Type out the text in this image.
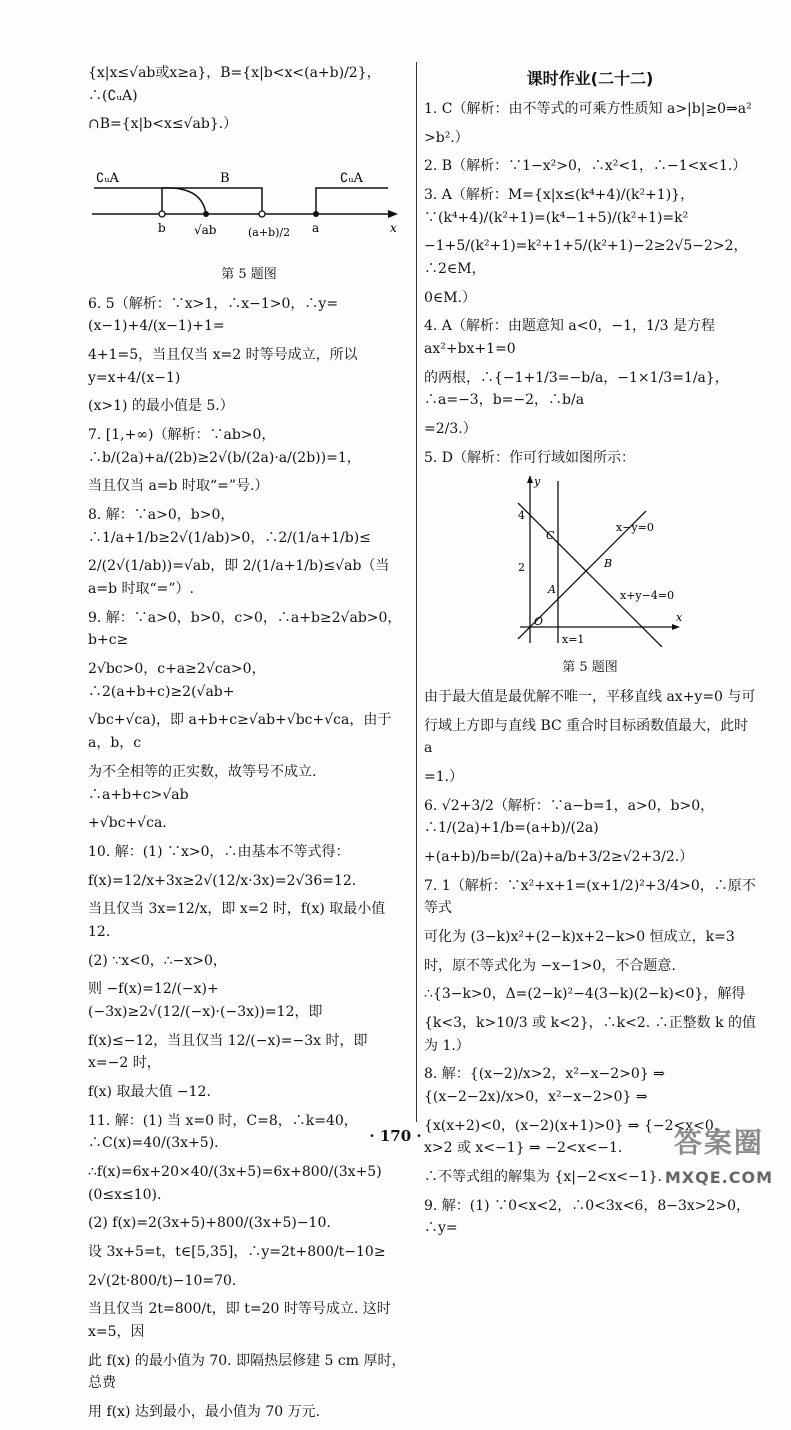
{x|x≤√ab或x≥a}，B={x|b<x<(a+b)/2}，∴(∁ᵤA)
∩B={x|b<x≤√ab}.）
∁ᵤA	B	∁ᵤA
b √ab	(a+b)/2 a	x
第 5 题图
6. 5（解析：∵x>1，∴x−1>0，∴y=(x−1)+4/(x−1)+1=
4+1=5，当且仅当 x=2 时等号成立，所以 y=x+4/(x−1)
(x>1) 的最小值是 5.）
7. [1,+∞)（解析：∵ab>0，∴b/(2a)+a/(2b)≥2√(b/(2a)·a/(2b))=1，
当且仅当 a=b 时取“=”号.）
8. 解：∵a>0，b>0，∴1/a+1/b≥2√(1/ab)>0，∴2/(1/a+1/b)≤
2/(2√(1/ab))=√ab，即 2/(1/a+1/b)≤√ab（当 a=b 时取“=”）.
9. 解：∵a>0，b>0，c>0，∴a+b≥2√ab>0，b+c≥
2√bc>0，c+a≥2√ca>0，∴2(a+b+c)≥2(√ab+
√bc+√ca)，即 a+b+c≥√ab+√bc+√ca，由于 a，b，c
为不全相等的正实数，故等号不成立. ∴a+b+c>√ab
+√bc+√ca.
10. 解：(1) ∵x>0，∴由基本不等式得：
f(x)=12/x+3x≥2√(12/x·3x)=2√36=12.
当且仅当 3x=12/x，即 x=2 时，f(x) 取最小值 12.
(2) ∵x<0，∴−x>0，
则 −f(x)=12/(−x)+(−3x)≥2√(12/(−x)·(−3x))=12，即
f(x)≤−12，当且仅当 12/(−x)=−3x 时，即 x=−2 时，
f(x) 取最大值 −12.
11. 解：(1) 当 x=0 时，C=8，∴k=40，∴C(x)=40/(3x+5).
∴f(x)=6x+20×40/(3x+5)=6x+800/(3x+5) (0≤x≤10).
(2) f(x)=2(3x+5)+800/(3x+5)−10.
设 3x+5=t，t∈[5,35]，∴y=2t+800/t−10≥
2√(2t·800/t)−10=70.
当且仅当 2t=800/t，即 t=20 时等号成立. 这时 x=5，因
此 f(x) 的最小值为 70. 即隔热层修建 5 cm 厚时，总费
用 f(x) 达到最小，最小值为 70 万元.
课时作业(二十二)
1. C（解析：由不等式的可乘方性质知 a>|b|≥0⇒a²
>b².）
2. B（解析：∵1−x²>0，∴x²<1，∴−1<x<1.）
3. A（解析：M={x|x≤(k⁴+4)/(k²+1)}，∵(k⁴+4)/(k²+1)=(k⁴−1+5)/(k²+1)=k²
−1+5/(k²+1)=k²+1+5/(k²+1)−2≥2√5−2>2，∴2∈M，
0∈M.）
4. A（解析：由题意知 a<0，−1，1/3 是方程 ax²+bx+1=0
的两根，∴{−1+1/3=−b/a，−1×1/3=1/a}，∴a=−3，b=−2，∴b/a
=2/3.）
5. D（解析：作可行域如图所示：
y
x
O
4
2
A
B
C
x−y=0
x+y−4=0
x=1
第 5 题图
由于最大值是最优解不唯一，平移直线 ax+y=0 与可
行域上方即与直线 BC 重合时目标函数值最大，此时 a
=1.）
6. √2+3/2（解析：∵a−b=1，a>0，b>0，∴1/(2a)+1/b=(a+b)/(2a)
+(a+b)/b=b/(2a)+a/b+3/2≥√2+3/2.）
7. 1（解析：∵x²+x+1=(x+1/2)²+3/4>0，∴原不等式
可化为 (3−k)x²+(2−k)x+2−k>0 恒成立，k=3
时，原不等式化为 −x−1>0，不合题意.
∴{3−k>0，Δ=(2−k)²−4(3−k)(2−k)<0}，解得
{k<3，k>10/3 或 k<2}，∴k<2. ∴正整数 k 的值为 1.）
8. 解：{(x−2)/x>2，x²−x−2>0} ⇒ {(x−2−2x)/x>0，x²−x−2>0} ⇒
{x(x+2)<0，(x−2)(x+1)>0} ⇒ {−2<x<0，x>2 或 x<−1} ⇒ −2<x<−1.
∴不等式组的解集为 {x|−2<x<−1}.
9. 解：(1) ∵0<x<2，∴0<3x<6，8−3x>2>0，∴y=
· 170 ·	答案圈
MXQE.COM
